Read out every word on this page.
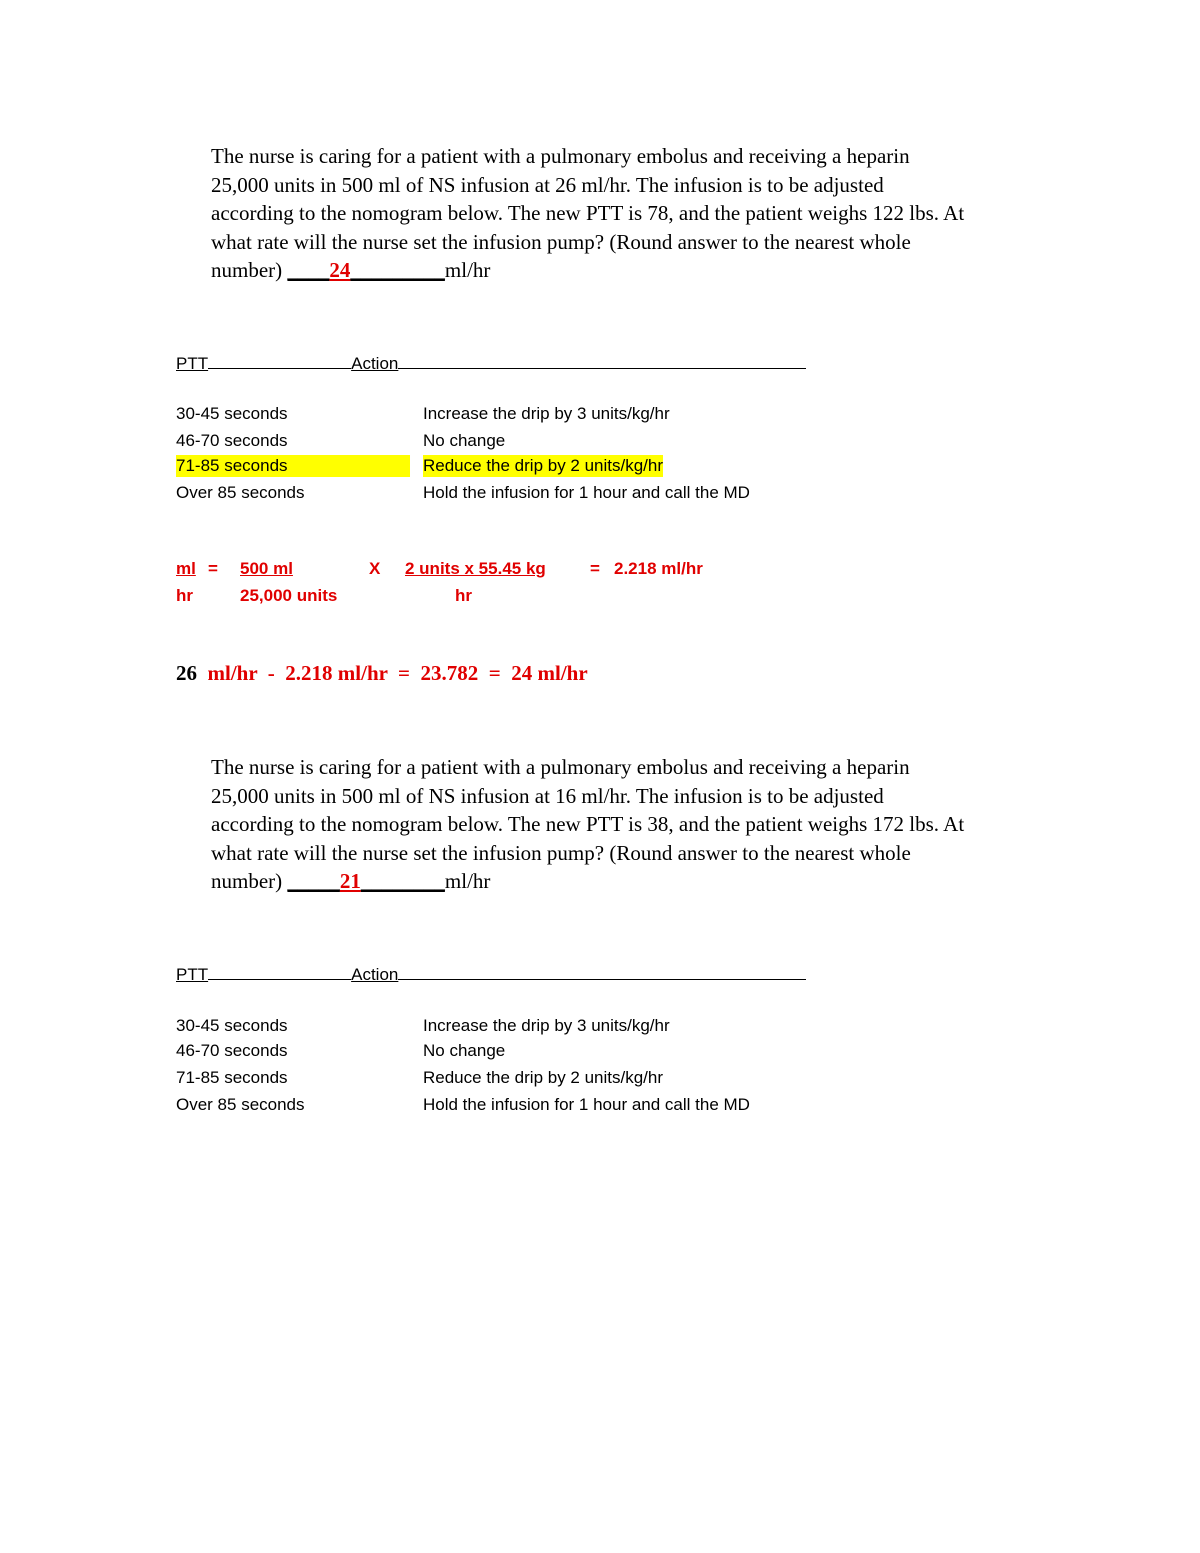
The nurse is caring for a patient with a pulmonary embolus and receiving a heparin
25,000 units in 500 ml of NS infusion at 26 ml/hr. The infusion is to be adjusted
according to the nomogram below. The new PTT is 78, and the patient weighs 122 lbs. At
what rate will the nurse set the infusion pump? (Round answer to the nearest whole
number) ____24_________ml/hr

PTT	Action
30-45 seconds	Increase the drip by 3 units/kg/hr
46-70 seconds	No change
71-85 seconds	Reduce the drip by 2 units/kg/hr
Over 85 seconds	Hold the infusion for 1 hour and call the MD
ml = 500 ml	X 2 units x 55.45 kg	= 2.218 ml/hr
hr	25,000 units	hr
26 ml/hr  -  2.218 ml/hr  =  23.782  =  24 ml/hr

The nurse is caring for a patient with a pulmonary embolus and receiving a heparin
25,000 units in 500 ml of NS infusion at 16 ml/hr. The infusion is to be adjusted
according to the nomogram below. The new PTT is 38, and the patient weighs 172 lbs. At
what rate will the nurse set the infusion pump? (Round answer to the nearest whole
number) _____21________ml/hr

PTT	Action
30-45 seconds	Increase the drip by 3 units/kg/hr
46-70 seconds	No change
71-85 seconds	Reduce the drip by 2 units/kg/hr
Over 85 seconds	Hold the infusion for 1 hour and call the MD
